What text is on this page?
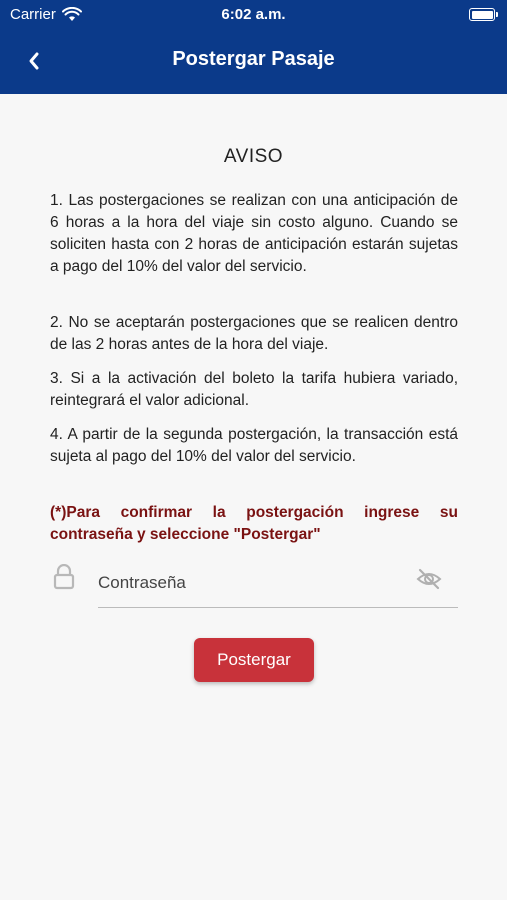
Carrier	6:02 a.m.
Postergar Pasaje
AVISO

1. Las postergaciones se realizan con una anticipación de 6 horas a la hora del viaje sin costo alguno. Cuando se soliciten hasta con 2 horas de anticipación estarán sujetas a pago del 10% del valor del servicio.

2. No se aceptarán postergaciones que se realicen dentro de las 2 horas antes de la hora del viaje.

3. Si a la activación del boleto la tarifa hubiera variado, reintegrará el valor adicional.

4. A partir de la segunda postergación, la transacción está sujeta al pago del 10% del valor del servicio.

(*)Para confirmar la postergación ingrese su contraseña y seleccione "Postergar"

Postergar
